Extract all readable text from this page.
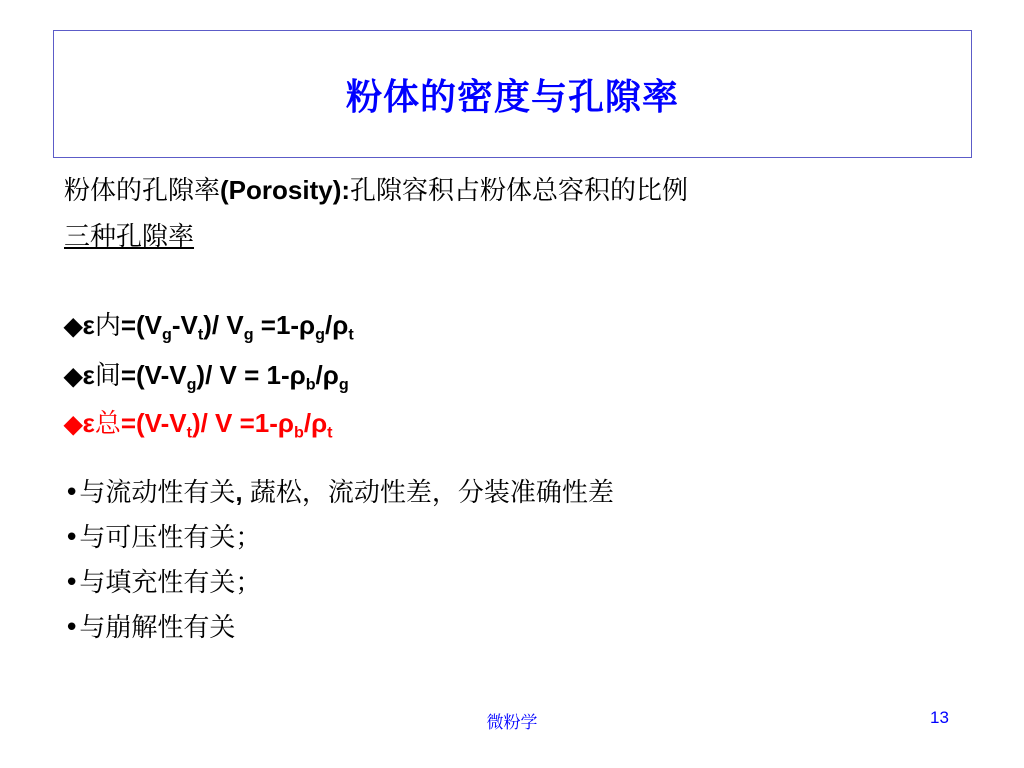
粉体的密度与孔隙率
粉体的孔隙率(Porosity):孔隙容积占粉体总容积的比例
三种孔隙率
◆ε内$=(V_g-V_t)/$ $V_g =1-\rho_g/\rho_t$
◆ε间$=(V-V_g)/$ $V = 1-\rho_b/\rho_g$
◆ε总$=(V-V_t)/$ $V =1-\rho_b/\rho_t$
•与流动性有关, 蔬松，流动性差，分装准确性差
•与可压性有关；
•与填充性有关；
•与崩解性有关
微粉学	13
